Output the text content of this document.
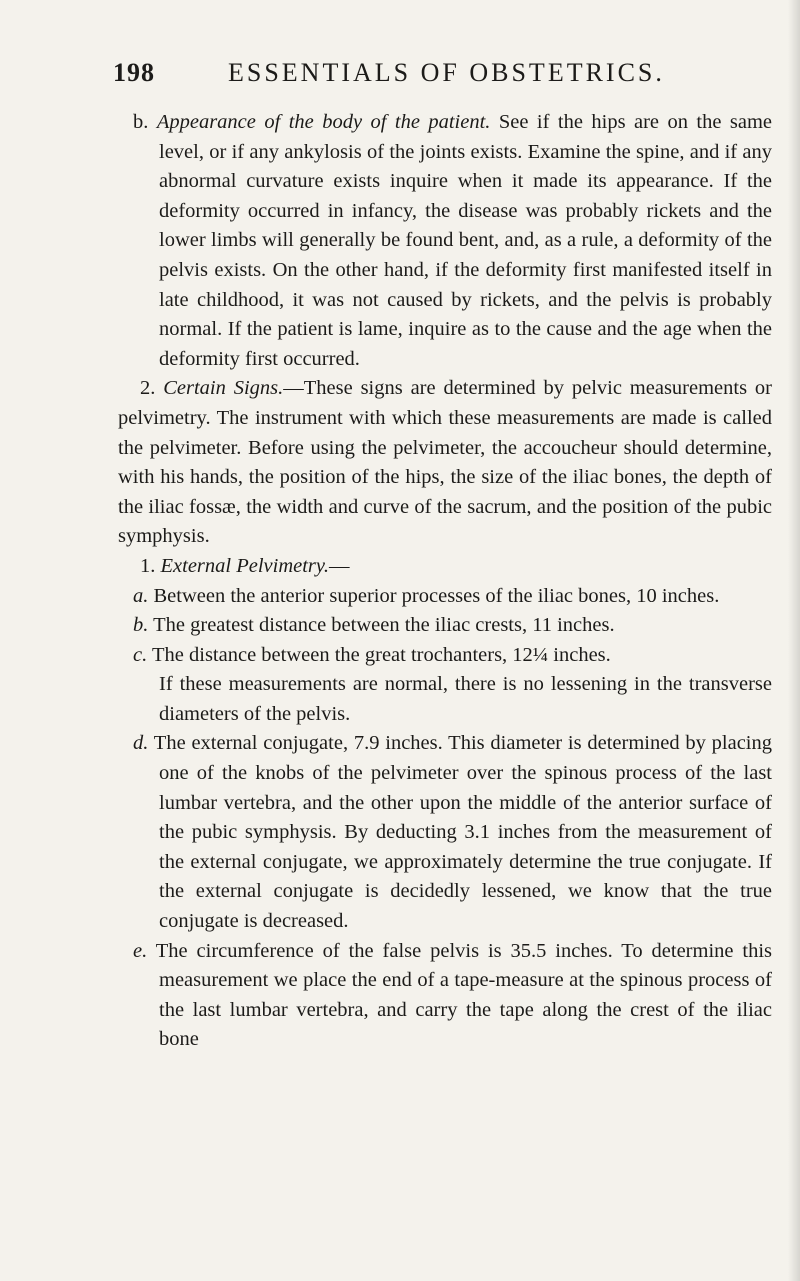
198	ESSENTIALS OF OBSTETRICS.

b. Appearance of the body of the patient. See if the hips are on the same level, or if any ankylosis of the joints exists. Examine the spine, and if any abnormal curvature exists inquire when it made its appearance. If the deformity occurred in infancy, the disease was probably rickets and the lower limbs will generally be found bent, and, as a rule, a deformity of the pelvis exists. On the other hand, if the deformity first manifested itself in late childhood, it was not caused by rickets, and the pelvis is probably normal. If the patient is lame, inquire as to the cause and the age when the deformity first occurred.

2. Certain Signs.—These signs are determined by pelvic measurements or pelvimetry. The instrument with which these measurements are made is called the pelvimeter. Before using the pelvimeter, the accoucheur should determine, with his hands, the position of the hips, the size of the iliac bones, the depth of the iliac fossæ, the width and curve of the sacrum, and the position of the pubic symphysis.

1. External Pelvimetry.—

a. Between the anterior superior processes of the iliac bones, 10 inches.

b. The greatest distance between the iliac crests, 11 inches.

c. The distance between the great trochanters, 12¼ inches.

If these measurements are normal, there is no lessening in the transverse diameters of the pelvis.

d. The external conjugate, 7.9 inches. This diameter is determined by placing one of the knobs of the pelvimeter over the spinous process of the last lumbar vertebra, and the other upon the middle of the anterior surface of the pubic symphysis. By deducting 3.1 inches from the measurement of the external conjugate, we approximately determine the true conjugate. If the external conjugate is decidedly lessened, we know that the true conjugate is decreased.

e. The circumference of the false pelvis is 35.5 inches. To determine this measurement we place the end of a tape-measure at the spinous process of the last lumbar vertebra, and carry the tape along the crest of the iliac bone
